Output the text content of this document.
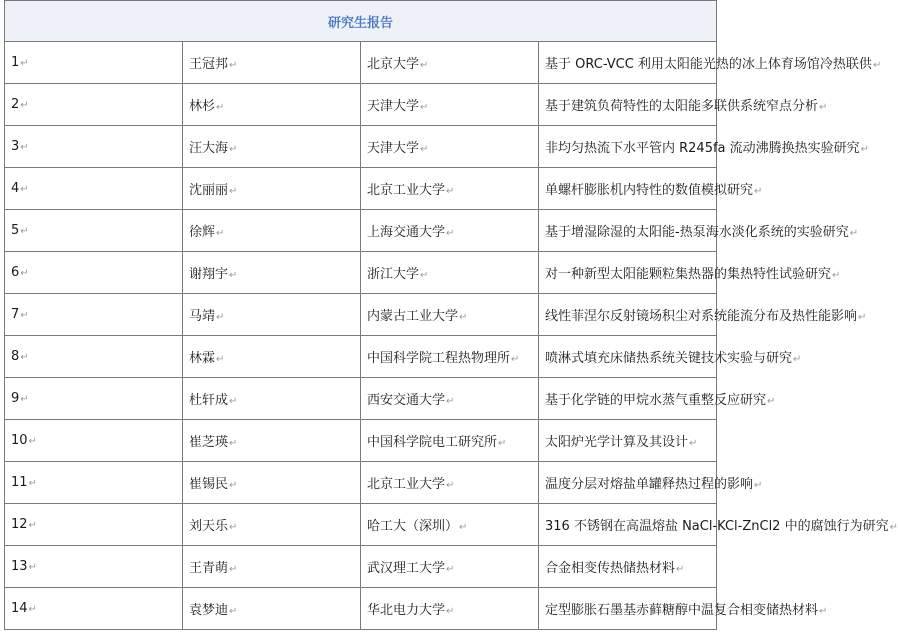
研究生报告			
1↵	王冠邦↵	北京大学↵	基于 ORC-VCC 利用太阳能光热的冰上体育场馆冷热联供↵
2↵	林杉↵	天津大学↵	基于建筑负荷特性的太阳能多联供系统窄点分析↵
3↵	汪大海↵	天津大学↵	非均匀热流下水平管内 R245fa 流动沸腾换热实验研究↵
4↵	沈丽丽↵	北京工业大学↵	单螺杆膨胀机内特性的数值模拟研究↵
5↵	徐辉↵	上海交通大学↵	基于增湿除湿的太阳能-热泵海水淡化系统的实验研究↵
6↵	谢翔宇↵	浙江大学↵	对一种新型太阳能颗粒集热器的集热特性试验研究↵
7↵	马靖↵	内蒙古工业大学↵	线性菲涅尔反射镜场积尘对系统能流分布及热性能影响↵
8↵	林霖↵	中国科学院工程热物理所↵	喷淋式填充床储热系统关键技术实验与研究↵
9↵	杜轩成↵	西安交通大学↵	基于化学链的甲烷水蒸气重整反应研究↵
10↵	崔芝瑛↵	中国科学院电工研究所↵	太阳炉光学计算及其设计↵
11↵	崔锡民↵	北京工业大学↵	温度分层对熔盐单罐释热过程的影响↵
12↵	刘天乐↵	哈工大（深圳）↵	316 不锈钢在高温熔盐 NaCl-KCl-ZnCl2 中的腐蚀行为研究↵
13↵	王青萌↵	武汉理工大学↵	合金相变传热储热材料↵
14↵	袁梦迪↵	华北电力大学↵	定型膨胀石墨基赤藓糖醇中温复合相变储热材料↵
